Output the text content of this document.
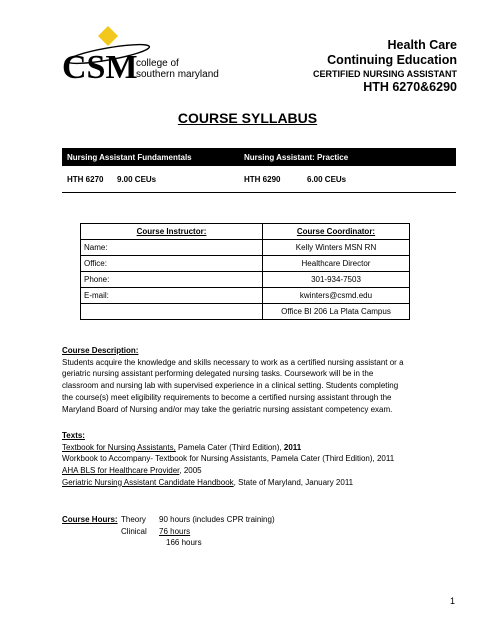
CSM
college of
southern maryland
Health Care
Continuing Education
CERTIFIED NURSING ASSISTANT
HTH 6270&6290
COURSE SYLLABUS
Nursing Assistant Fundamentals	Nursing Assistant: Practice
HTH 6270 9.00 CEUs	HTH 6290	6.00 CEUs
Course Instructor:	Course Coordinator:
Name:	Kelly Winters MSN RN
Office:	Healthcare Director
Phone:	301-934-7503
E-mail:	kwinters@csmd.edu
	Office BI 206 La Plata Campus
Course Description:
Students acquire the knowledge and skills necessary to work as a certified nursing assistant or a
geriatric nursing assistant performing delegated nursing tasks. Coursework will be in the
classroom and nursing lab with supervised experience in a clinical setting. Students completing
the course(s) meet eligibility requirements to become a certified nursing assistant through the
Maryland Board of Nursing and/or may take the geriatric nursing assistant competency exam.
Texts:
Textbook for Nursing Assistants, Pamela Cater (Third Edition), 2011
Workbook to Accompany- Textbook for Nursing Assistants, Pamela Cater (Third Edition), 2011
AHA BLS for Healthcare Provider, 2005
Geriatric Nursing Assistant Candidate Handbook, State of Maryland, January 2011
Course Hours: Theory 90 hours (includes CPR training)
Clinical 76 hours
166 hours
1
